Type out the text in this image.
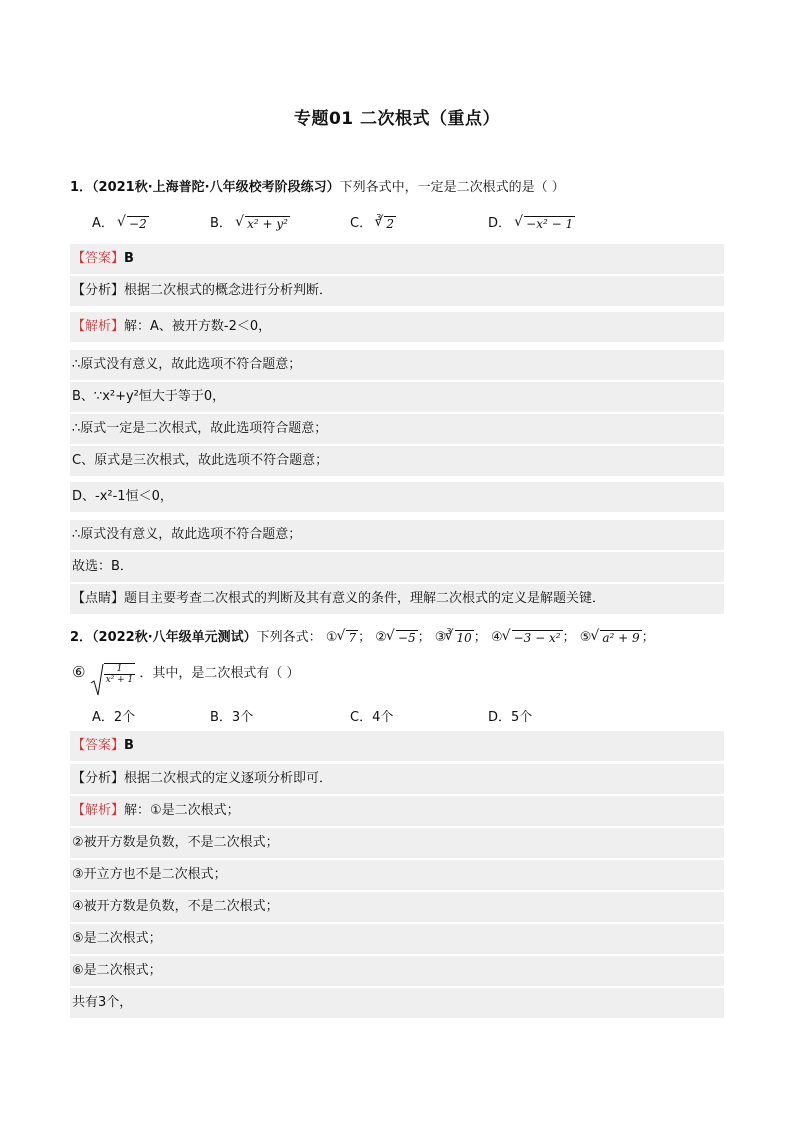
专题01 二次根式（重点）
1．（2021秋·上海普陀·八年级校考阶段练习）下列各式中，一定是二次根式的是（ ）
A． √ −2	B． √ x² + y²	C． $^3$ √ 2	D． √ −x² − 1
【答案】B
【分析】根据二次根式的概念进行分析判断．
【解析】解：A、被开方数-2＜0，
∴原式没有意义，故此选项不符合题意；
B、∵x²+y²恒大于等于0，
∴原式一定是二次根式，故此选项符合题意；
C、原式是三次根式，故此选项不符合题意；
D、-x²-1恒＜0，
∴原式没有意义，故此选项不符合题意；
故选：B．
【点睛】题目主要考查二次根式的判断及其有意义的条件，理解二次根式的定义是解题关键．
2．（2022秋·八年级单元测试）下列各式： ① √ 7 ； ② √ −5 ； ③$^3$ √ 10 ； ④ √ −3 − x² ； ⑤ √ a² + 9 ；
⑥ $\frac{1}{\text{x² + 1}}$ ．其中，是二次根式有（ ）
A．2个	B．3个	C．4个	D．5个
【答案】B
【分析】根据二次根式的定义逐项分析即可．
【解析】解：①是二次根式；
②被开方数是负数，不是二次根式；
③开立方也不是二次根式；
④被开方数是负数，不是二次根式；
⑤是二次根式；
⑥是二次根式；
共有3个，
